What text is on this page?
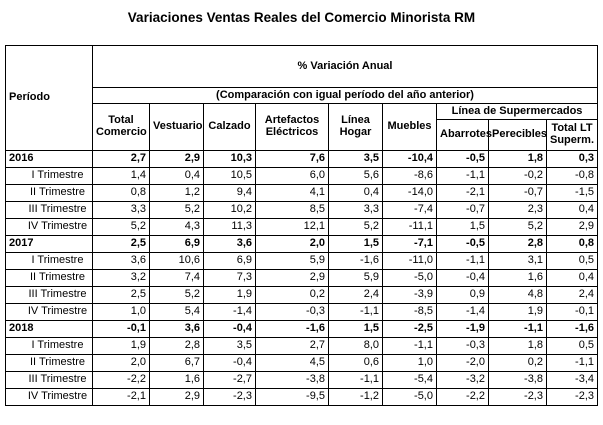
Variaciones Ventas Reales del Comercio Minorista RM
Período	% Variación Anual								
	(Comparación con igual período del año anterior)								
	Total Comercio	Vestuario	Calzado	Artefactos Eléctricos	Línea Hogar	Muebles	Línea de Supermercados		
							Abarrotes	Perecibles	Total LT Superm.
2016	2,7	2,9	10,3	7,6	3,5	-10,4	-0,5	1,8	0,3
I Trimestre	1,4	0,4	10,5	6,0	5,6	-8,6	-1,1	-0,2	-0,8
II Trimestre	0,8	1,2	9,4	4,1	0,4	-14,0	-2,1	-0,7	-1,5
III Trimestre	3,3	5,2	10,2	8,5	3,3	-7,4	-0,7	2,3	0,4
IV Trimestre	5,2	4,3	11,3	12,1	5,2	-11,1	1,5	5,2	2,9
2017	2,5	6,9	3,6	2,0	1,5	-7,1	-0,5	2,8	0,8
I Trimestre	3,6	10,6	6,9	5,9	-1,6	-11,0	-1,1	3,1	0,5
II Trimestre	3,2	7,4	7,3	2,9	5,9	-5,0	-0,4	1,6	0,4
III Trimestre	2,5	5,2	1,9	0,2	2,4	-3,9	0,9	4,8	2,4
IV Trimestre	1,0	5,4	-1,4	-0,3	-1,1	-8,5	-1,4	1,9	-0,1
2018	-0,1	3,6	-0,4	-1,6	1,5	-2,5	-1,9	-1,1	-1,6
I Trimestre	1,9	2,8	3,5	2,7	8,0	-1,1	-0,3	1,8	0,5
II Trimestre	2,0	6,7	-0,4	4,5	0,6	1,0	-2,0	0,2	-1,1
III Trimestre	-2,2	1,6	-2,7	-3,8	-1,1	-5,4	-3,2	-3,8	-3,4
IV Trimestre	-2,1	2,9	-2,3	-9,5	-1,2	-5,0	-2,2	-2,3	-2,3
